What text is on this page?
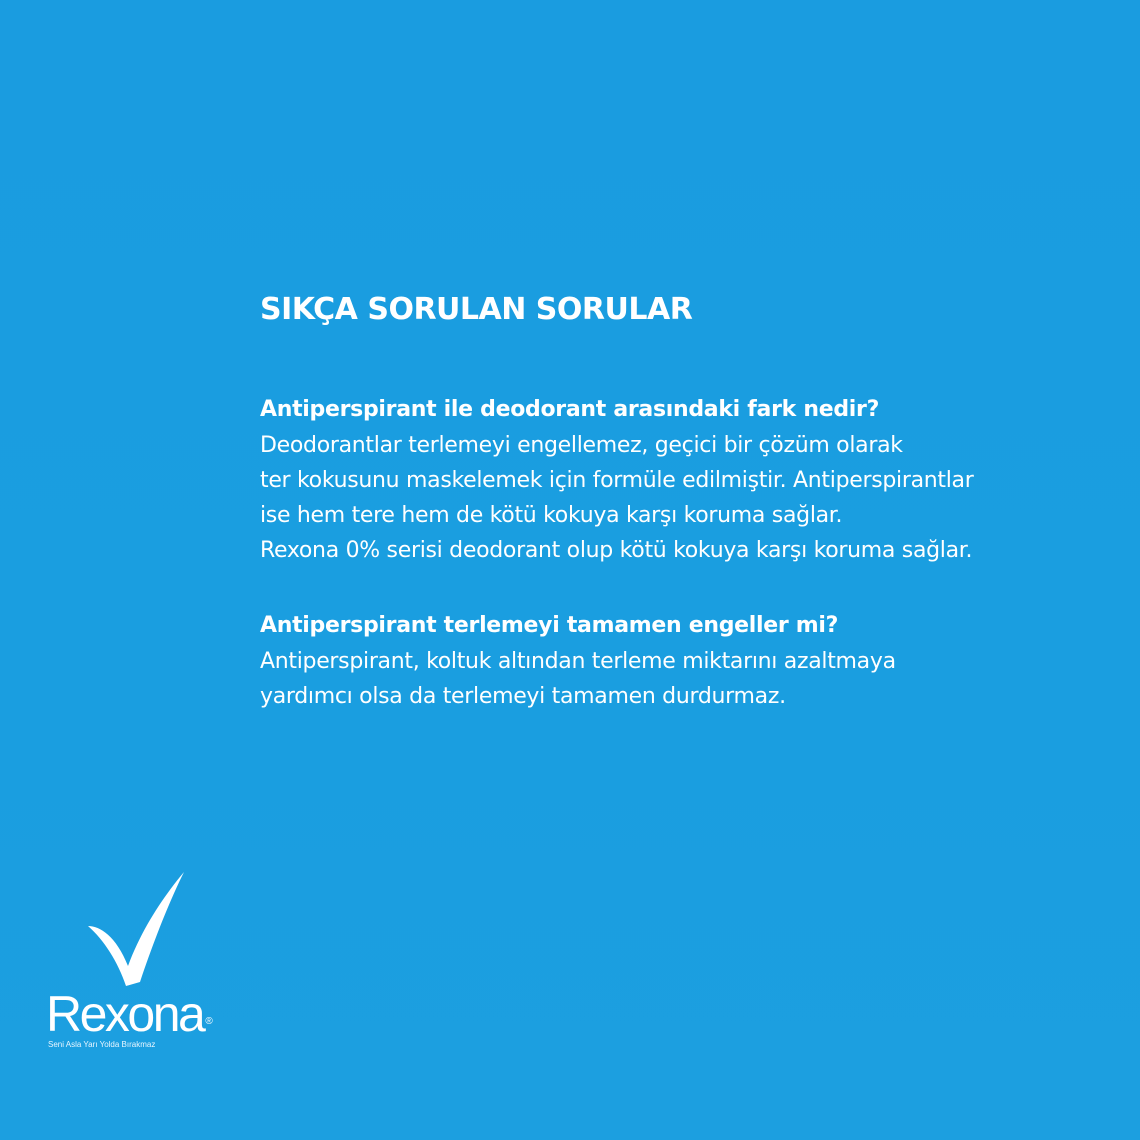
SIKÇA SORULAN SORULAR
Antiperspirant ile deodorant arasındaki fark nedir?
Deodorantlar terlemeyi engellemez, geçici bir çözüm olarak
ter kokusunu maskelemek için formüle edilmiştir. Antiperspirantlar
ise hem tere hem de kötü kokuya karşı koruma sağlar.
Rexona 0% serisi deodorant olup kötü kokuya karşı koruma sağlar.
Antiperspirant terlemeyi tamamen engeller mi?
Antiperspirant, koltuk altından terleme miktarını azaltmaya
yardımcı olsa da terlemeyi tamamen durdurmaz.
Rexona ®
Seni Asla Yarı Yolda Bırakmaz
